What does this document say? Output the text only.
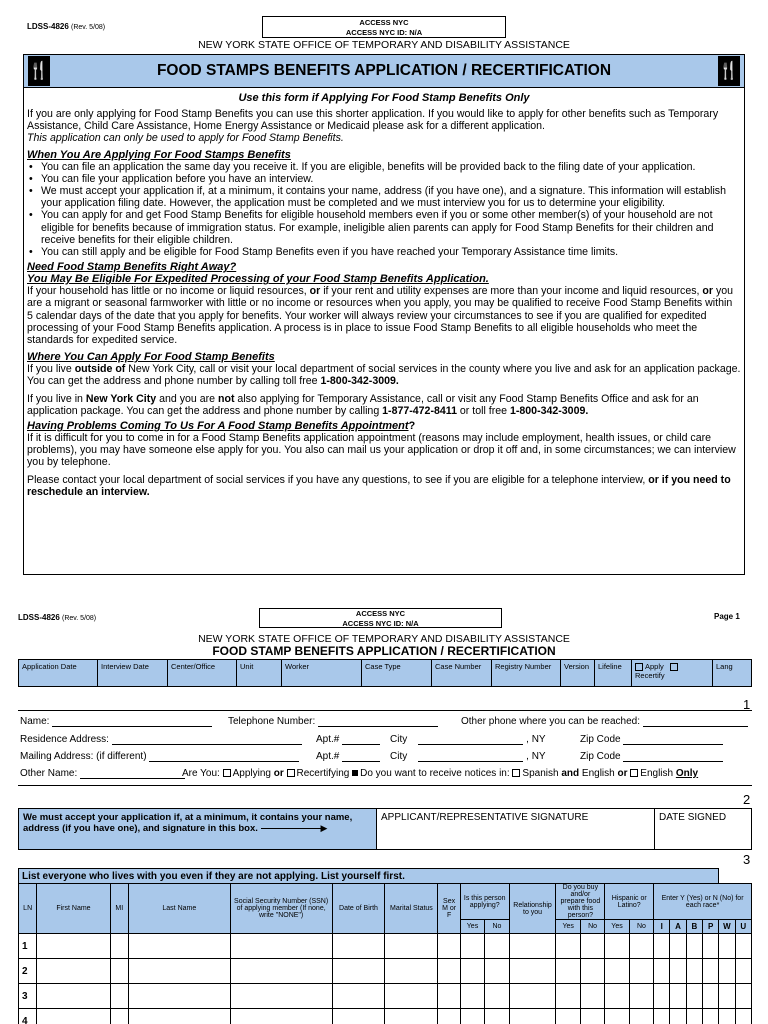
LDSS-4826 (Rev. 5/08)
ACCESS NYC
ACCESS NYC ID: N/A
NEW YORK STATE OFFICE OF TEMPORARY AND DISABILITY ASSISTANCE
🍴	FOOD STAMPS BENEFITS APPLICATION / RECERTIFICATION	🍴
Use this form if Applying For Food Stamp Benefits Only
If you are only applying for Food Stamp Benefits you can use this shorter application. If you would like to apply for other benefits such as Temporary Assistance, Child Care Assistance, Home Energy Assistance or Medicaid please ask for a different application.
This application can only be used to apply for Food Stamp Benefits.
When You Are Applying For Food Stamps Benefits
• You can file an application the same day you receive it. If you are eligible, benefits will be provided back to the filing date of your application.
• You can file your application before you have an interview.
• We must accept your application if, at a minimum, it contains your name, address (if you have one), and a signature. This information will establish your application filing date. However, the application must be completed and we must interview you for us to determine your eligibility.
• You can apply for and get Food Stamp Benefits for eligible household members even if you or some other member(s) of your household are not eligible for benefits because of immigration status. For example, ineligible alien parents can apply for Food Stamp Benefits for their children and receive benefits for their eligible children.
• You can still apply and be eligible for Food Stamp Benefits even if you have reached your Temporary Assistance time limits.
Need Food Stamp Benefits Right Away?
You May Be Eligible For Expedited Processing of your Food Stamp Benefits Application.
If your household has little or no income or liquid resources, or if your rent and utility expenses are more than your income and liquid resources, or you are a migrant or seasonal farmworker with little or no income or resources when you apply, you may be qualified to receive Food Stamp Benefits within 5 calendar days of the date that you apply for benefits. Your worker will always review your circumstances to see if you are qualified for expedited processing of your Food Stamp Benefits application. A process is in place to issue Food Stamp Benefits to all eligible households who meet the standards for expedited service.
Where You Can Apply For Food Stamp Benefits
If you live outside of New York City, call or visit your local department of social services in the county where you live and ask for an application package. You can get the address and phone number by calling toll free 1-800-342-3009.
If you live in New York City and you are not also applying for Temporary Assistance, call or visit any Food Stamp Benefits Office and ask for an application package. You can get the address and phone number by calling 1-877-472-8411 or toll free 1-800-342-3009.
Having Problems Coming To Us For A Food Stamp Benefits Appointment?
If it is difficult for you to come in for a Food Stamp Benefits application appointment (reasons may include employment, health issues, or child care problems), you may have someone else apply for you. You also can mail us your application or drop it off and, in some circumstances; we can interview you by telephone.
Please contact your local department of social services if you have any questions, to see if you are eligible for a telephone interview, or if you need to reschedule an interview.
LDSS-4826 (Rev. 5/08)
ACCESS NYC
ACCESS NYC ID: N/A
Page 1
NEW YORK STATE OFFICE OF TEMPORARY AND DISABILITY ASSISTANCE
FOOD STAMP BENEFITS APPLICATION / RECERTIFICATION
Application Date	Interview Date	Center/Office	Unit	Worker	Case Type	Case Number	Registry Number	Version	Lifeline	Apply Recertify
Lang
1
Name:	Telephone Number:	Other phone where you can be reached:
Residence Address:	Apt.#	City	, NY	Zip Code
Mailing Address: (if different)	Apt.#	City	, NY	Zip Code
Other Name:	Are You: Applying or Recertifying Do you want to receive notices in: Spanish and English or English Only
2
We must accept your application if, at a minimum, it contains your name, address (if you have one), and signature in this box.	▶
APPLICANT/REPRESENTATIVE SIGNATURE	DATE SIGNED
3
List everyone who lives with you even if they are not applying. List yourself first.																				
LN	First Name	MI	Last Name	Social Security Number (SSN) of applying member (If none, write "NONE")	Date of Birth	Marital Status	Sex M or F	Is this person applying?		Relationship to you	Do you buy and/or prepare food with this person?		Hispanic or Latino?		Enter Y (Yes) or N (No) for each race*					
								Yes	No		Yes	No	Yes	No	I	A	B	P	W	U
1																				
2																				
3																				
4																				
